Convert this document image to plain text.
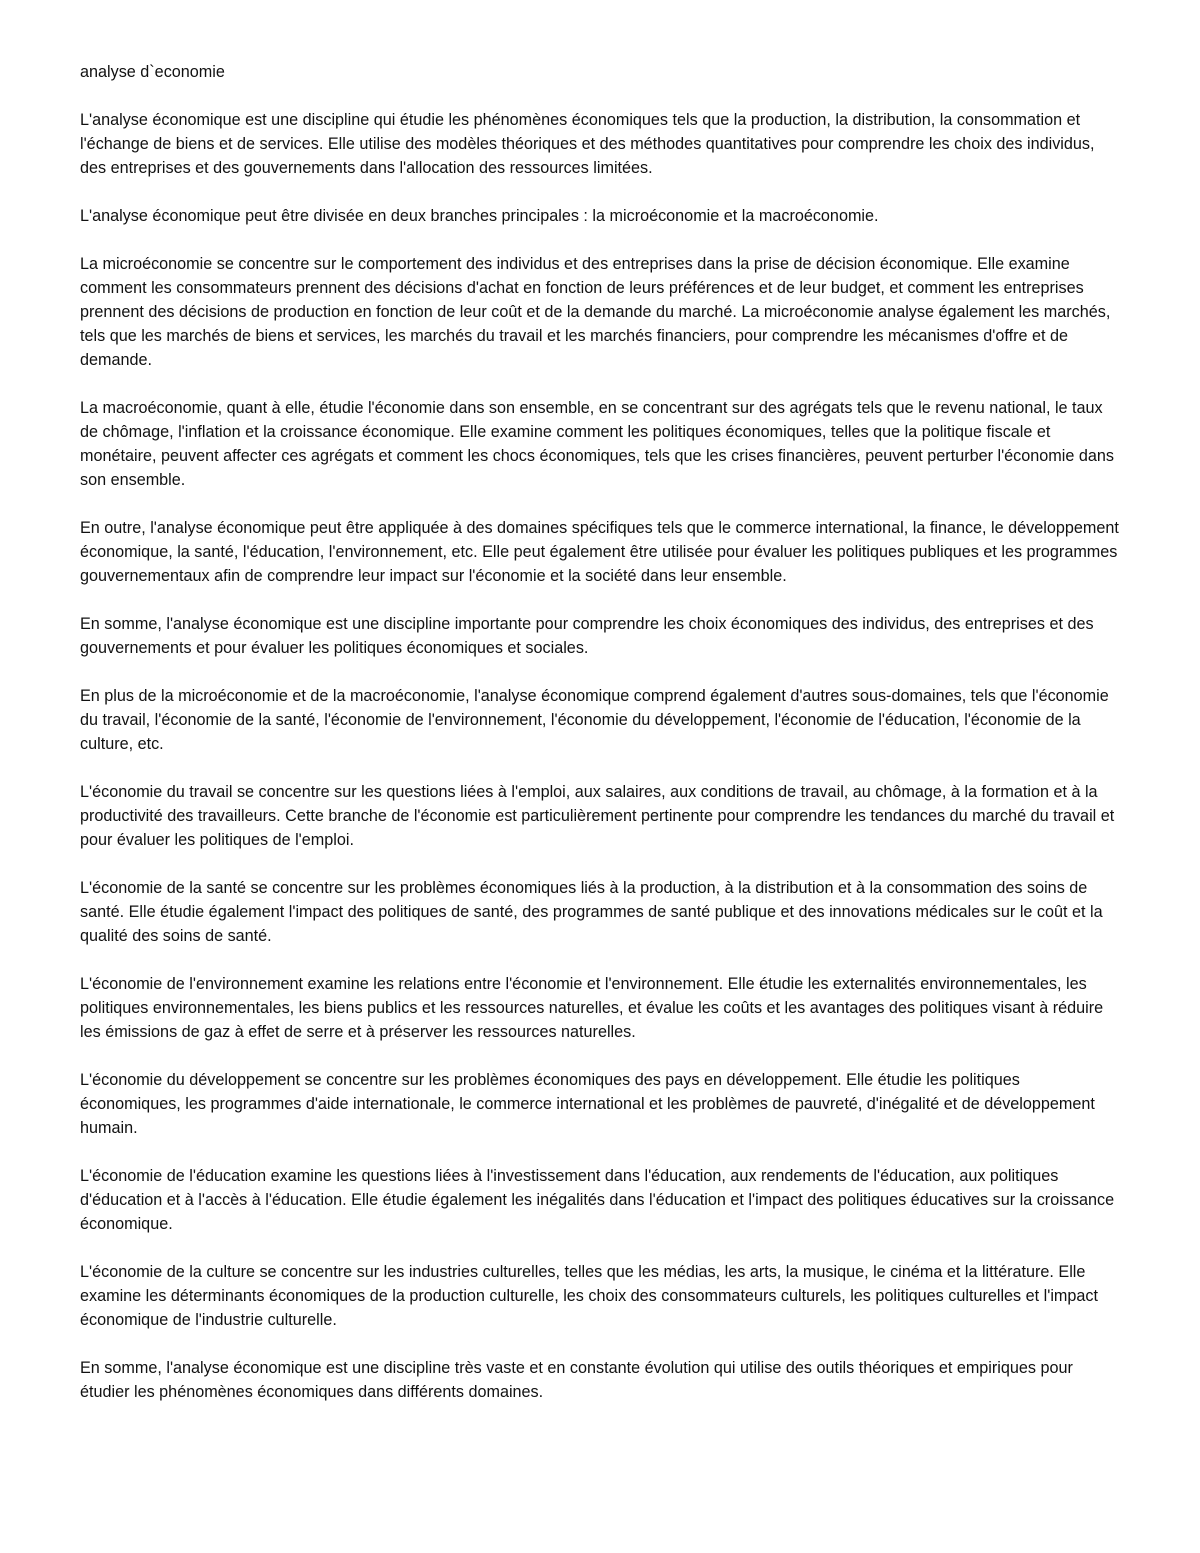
analyse d`economie

L'analyse économique est une discipline qui étudie les phénomènes économiques tels que la production, la distribution, la consommation et l'échange de biens et de services. Elle utilise des modèles théoriques et des méthodes quantitatives pour comprendre les choix des individus, des entreprises et des gouvernements dans l'allocation des ressources limitées.

L'analyse économique peut être divisée en deux branches principales : la microéconomie et la macroéconomie.

La microéconomie se concentre sur le comportement des individus et des entreprises dans la prise de décision économique. Elle examine comment les consommateurs prennent des décisions d'achat en fonction de leurs préférences et de leur budget, et comment les entreprises prennent des décisions de production en fonction de leur coût et de la demande du marché. La microéconomie analyse également les marchés, tels que les marchés de biens et services, les marchés du travail et les marchés financiers, pour comprendre les mécanismes d'offre et de demande.

La macroéconomie, quant à elle, étudie l'économie dans son ensemble, en se concentrant sur des agrégats tels que le revenu national, le taux de chômage, l'inflation et la croissance économique. Elle examine comment les politiques économiques, telles que la politique fiscale et monétaire, peuvent affecter ces agrégats et comment les chocs économiques, tels que les crises financières, peuvent perturber l'économie dans son ensemble.

En outre, l'analyse économique peut être appliquée à des domaines spécifiques tels que le commerce international, la finance, le développement économique, la santé, l'éducation, l'environnement, etc. Elle peut également être utilisée pour évaluer les politiques publiques et les programmes gouvernementaux afin de comprendre leur impact sur l'économie et la société dans leur ensemble.

En somme, l'analyse économique est une discipline importante pour comprendre les choix économiques des individus, des entreprises et des gouvernements et pour évaluer les politiques économiques et sociales.

En plus de la microéconomie et de la macroéconomie, l'analyse économique comprend également d'autres sous-domaines, tels que l'économie du travail, l'économie de la santé, l'économie de l'environnement, l'économie du développement, l'économie de l'éducation, l'économie de la culture, etc.

L'économie du travail se concentre sur les questions liées à l'emploi, aux salaires, aux conditions de travail, au chômage, à la formation et à la productivité des travailleurs. Cette branche de l'économie est particulièrement pertinente pour comprendre les tendances du marché du travail et pour évaluer les politiques de l'emploi.

L'économie de la santé se concentre sur les problèmes économiques liés à la production, à la distribution et à la consommation des soins de santé. Elle étudie également l'impact des politiques de santé, des programmes de santé publique et des innovations médicales sur le coût et la qualité des soins de santé.

L'économie de l'environnement examine les relations entre l'économie et l'environnement. Elle étudie les externalités environnementales, les politiques environnementales, les biens publics et les ressources naturelles, et évalue les coûts et les avantages des politiques visant à réduire les émissions de gaz à effet de serre et à préserver les ressources naturelles.

L'économie du développement se concentre sur les problèmes économiques des pays en développement. Elle étudie les politiques économiques, les programmes d'aide internationale, le commerce international et les problèmes de pauvreté, d'inégalité et de développement humain.

L'économie de l'éducation examine les questions liées à l'investissement dans l'éducation, aux rendements de l'éducation, aux politiques d'éducation et à l'accès à l'éducation. Elle étudie également les inégalités dans l'éducation et l'impact des politiques éducatives sur la croissance économique.

L'économie de la culture se concentre sur les industries culturelles, telles que les médias, les arts, la musique, le cinéma et la littérature. Elle examine les déterminants économiques de la production culturelle, les choix des consommateurs culturels, les politiques culturelles et l'impact économique de l'industrie culturelle.

En somme, l'analyse économique est une discipline très vaste et en constante évolution qui utilise des outils théoriques et empiriques pour étudier les phénomènes économiques dans différents domaines.
